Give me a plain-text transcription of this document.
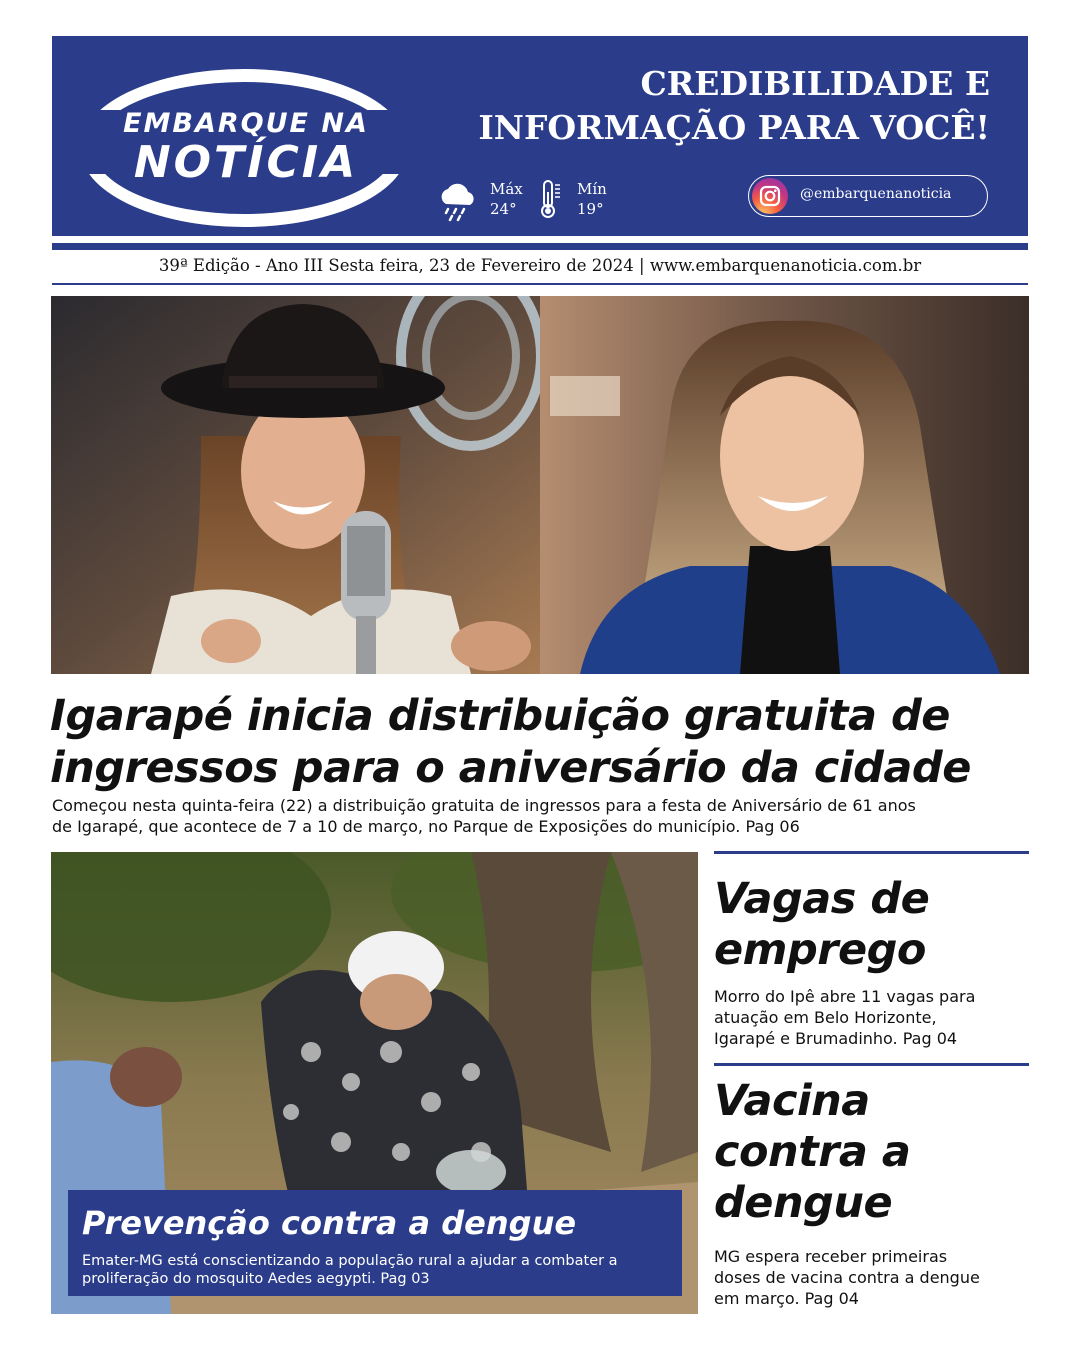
EMBARQUE NA
NOTÍCIA
CREDIBILIDADE E
INFORMAÇÃO PARA VOCÊ!
Máx
24°
Mín
19°
@embarquenanoticia
39ª Edição - Ano III Sesta feira, 23 de Fevereiro de 2024 | www.embarquenanoticia.com.br
Igarapé inicia distribuição gratuita de
ingressos para o aniversário da cidade
Começou nesta quinta-feira (22) a distribuição gratuita de ingressos para a festa de Aniversário de 61 anos
de Igarapé, que acontece de 7 a 10 de março, no Parque de Exposições do município. Pag 06
Prevenção contra a dengue
Emater-MG está conscientizando a população rural a ajudar a combater a
proliferação do mosquito Aedes aegypti. Pag 03
Vagas de
emprego
Morro do Ipê abre 11 vagas para
atuação em Belo Horizonte,
Igarapé e Brumadinho. Pag 04
Vacina
contra a
dengue
MG espera receber primeiras
doses de vacina contra a dengue
em março. Pag 04
